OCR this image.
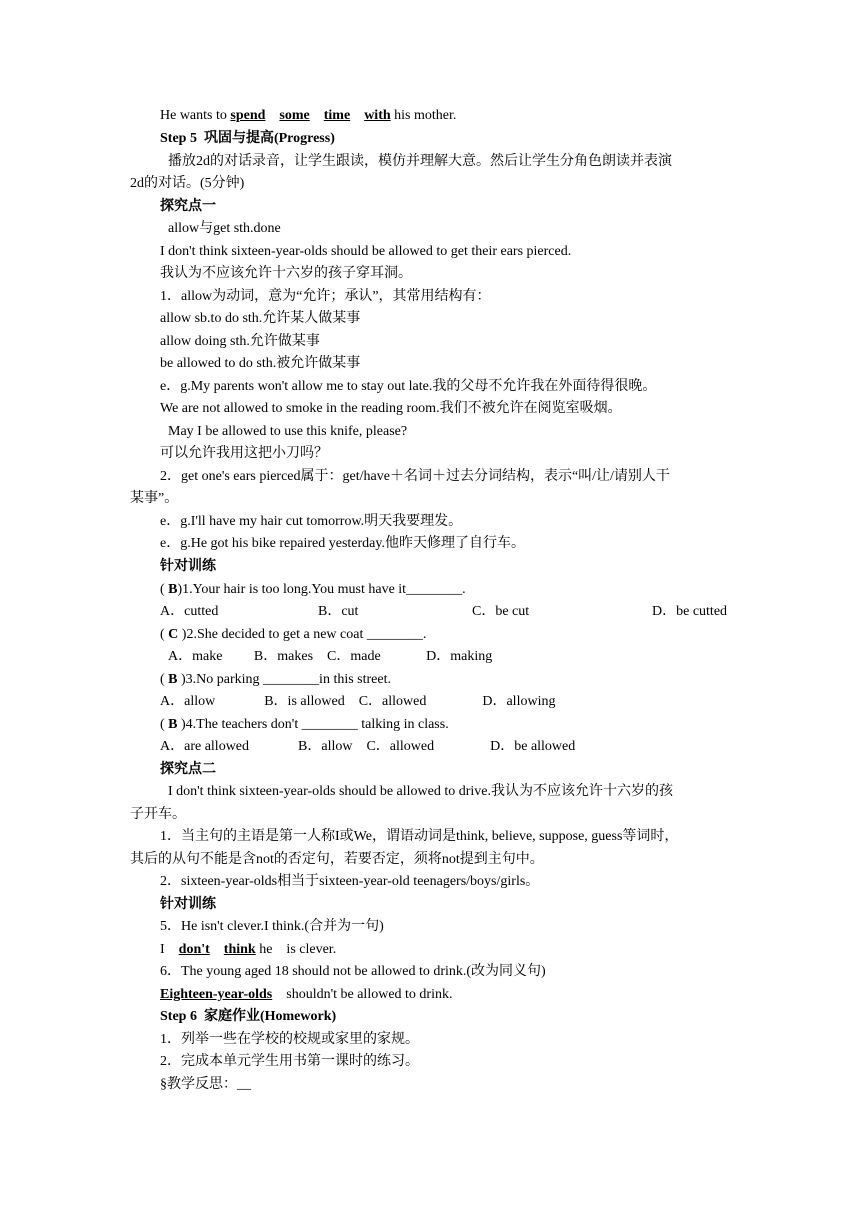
He wants to spend some time with his mother.
Step 5  巩固与提高(Progress)
播放2d的对话录音，让学生跟读，模仿并理解大意。然后让学生分角色朗读并表演
2d的对话。(5分钟)
探究点一
allow与get sth.done
I don't think sixteen-year-olds should be allowed to get their ears pierced.
我认为不应该允许十六岁的孩子穿耳洞。
1．allow为动词，意为“允许；承认”，其常用结构有：
allow sb.to do sth.允许某人做某事
allow doing sth.允许做某事
be allowed to do sth.被允许做某事
e．g.My parents won't allow me to stay out late.我的父母不允许我在外面待得很晚。
We are not allowed to smoke in the reading room.我们不被允许在阅览室吸烟。
May I be allowed to use this knife, please?
可以允许我用这把小刀吗？
2．get one's ears pierced属于：get/have＋名词＋过去分词结构，表示“叫/让/请别人干
某事”。
e．g.I'll have my hair cut tomorrow.明天我要理发。
e．g.He got his bike repaired yesterday.他昨天修理了自行车。
针对训练
( B)1.Your hair is too long.You must have it________.
A．cutted	B．cut	C．be cut	D．be cutted
( C )2.She decided to get a new coat ________.
A．make         B．makes    C．made             D．making
( B )3.No parking ________in this street.
A．allow              B．is allowed    C．allowed                D．allowing
( B )4.The teachers don't ________ talking in class.
A．are allowed              B．allow    C．allowed                D．be allowed
探究点二
I don't think sixteen-year-olds should be allowed to drive.我认为不应该允许十六岁的孩
子开车。
1．当主句的主语是第一人称I或We，谓语动词是think, believe, suppose, guess等词时，
其后的从句不能是含not的否定句，若要否定，须将not提到主句中。
2．sixteen-year-olds相当于sixteen-year-old teenagers/boys/girls。
针对训练
5．He isn't clever.I think.(合并为一句)
I    don't think he    is clever.
6．The young aged 18 should not be allowed to drink.(改为同义句)
Eighteen-year-olds    shouldn't be allowed to drink.
Step 6  家庭作业(Homework)
1．列举一些在学校的校规或家里的家规。
2．完成本单元学生用书第一课时的练习。
§教学反思：__
